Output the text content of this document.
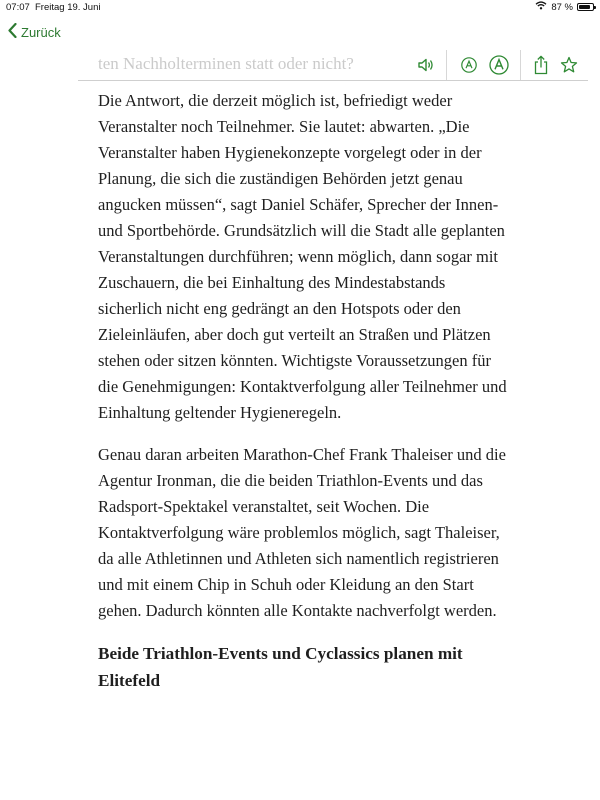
07:07 Freitag 19. Juni	87 %
Zurück

Die Antwort, die derzeit möglich ist, befriedigt weder Veranstalter noch Teilnehmer. Sie lautet: abwarten. „Die Veranstalter haben Hygienekonzepte vorgelegt oder in der Planung, die sich die zuständigen Behörden jetzt genau angucken müssen“, sagt Daniel Schäfer, Sprecher der Innen- und Sportbehörde. Grundsätzlich will die Stadt alle geplanten Veranstaltungen durchführen; wenn möglich, dann sogar mit Zuschauern, die bei Einhaltung des Mindestabstands sicherlich nicht eng gedrängt an den Hotspots oder den Zieleinläufen, aber doch gut verteilt an Straßen und Plätzen stehen oder sitzen könnten. Wichtigste Voraussetzungen für die Genehmigungen: Kontaktverfolgung aller Teilnehmer und Einhaltung geltender Hygieneregeln.

Genau daran arbeiten Marathon-Chef Frank Thaleiser und die Agentur Ironman, die die beiden Triathlon-Events und das Radsport-Spektakel veranstaltet, seit Wochen. Die Kontaktverfolgung wäre problemlos möglich, sagt Thaleiser, da alle Athletinnen und Athleten sich namentlich registrieren und mit einem Chip in Schuh oder Kleidung an den Start gehen. Dadurch könnten alle Kontakte nachverfolgt werden.

Beide Triathlon-Events und Cyclassics planen mit Elitefeld
